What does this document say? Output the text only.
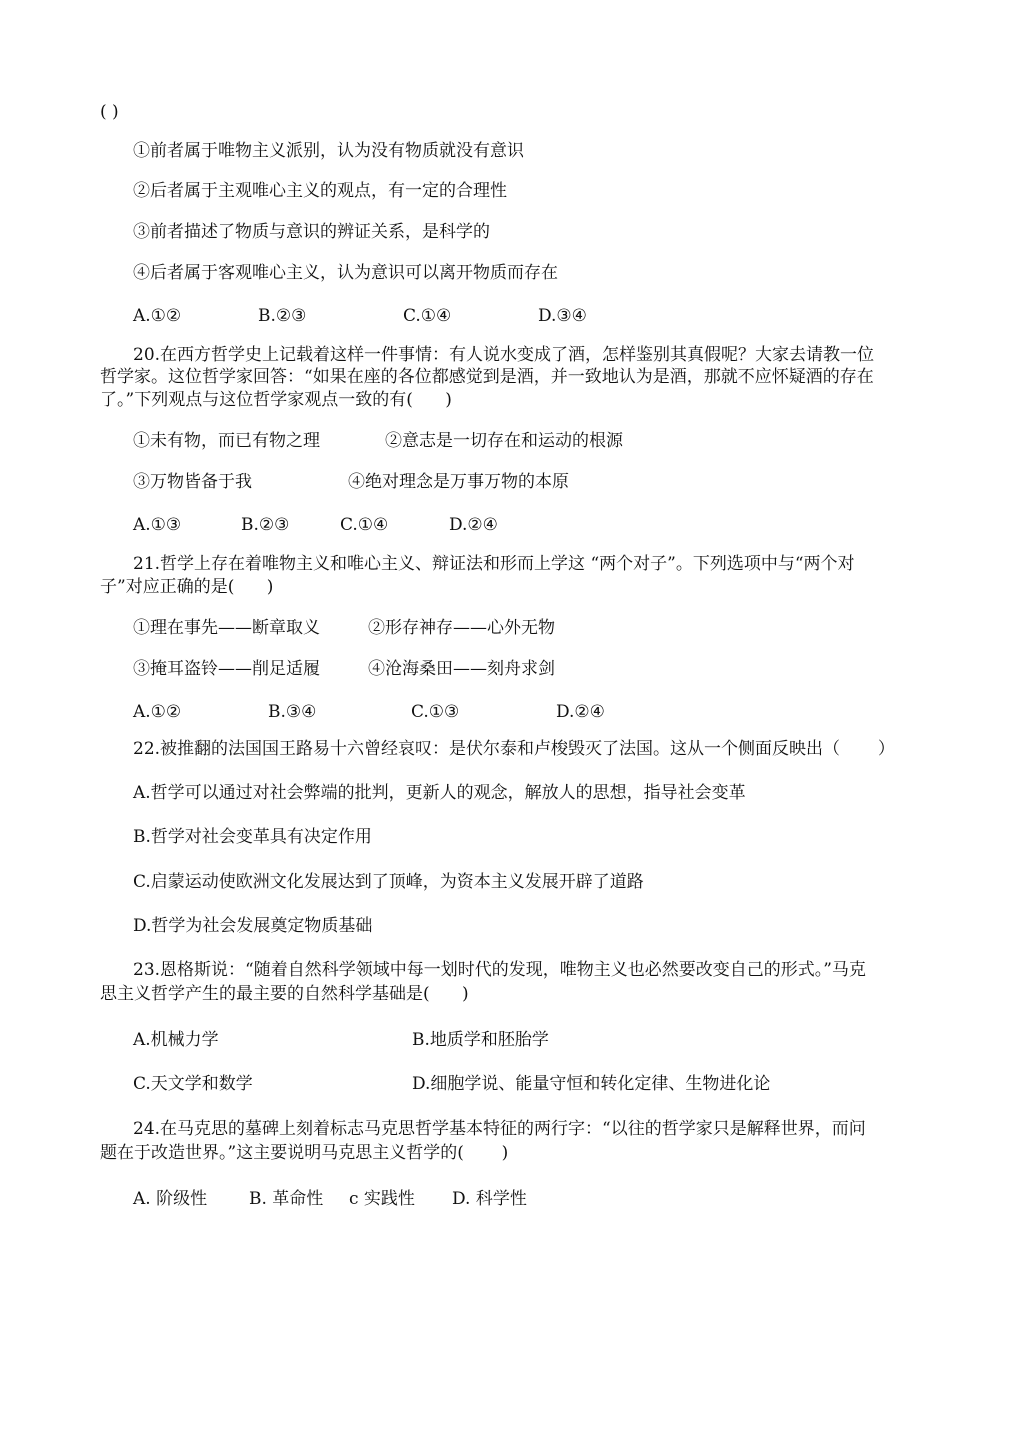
( )
①前者属于唯物主义派别，认为没有物质就没有意识
②后者属于主观唯心主义的观点，有一定的合理性
③前者描述了物质与意识的辨证关系，是科学的
④后者属于客观唯心主义，认为意识可以离开物质而存在
A.①②	B.②③	C.①④	D.③④
20.在西方哲学史上记载着这样一件事情：有人说水变成了酒，怎样鉴别其真假呢？大家去请教一位
哲学家。这位哲学家回答：“如果在座的各位都感觉到是酒，并一致地认为是酒，那就不应怀疑酒的存在
了。”下列观点与这位哲学家观点一致的有(      )
①未有物，而已有物之理	②意志是一切存在和运动的根源
③万物皆备于我	④绝对理念是万事万物的本原
A.①③	B.②③	C.①④	D.②④
21.哲学上存在着唯物主义和唯心主义、辩证法和形而上学这 “两个对子”。下列选项中与“两个对
子”对应正确的是(      )
①理在事先——断章取义	②形存神存——心外无物
③掩耳盗铃——削足适履	④沧海桑田——刻舟求剑
A.①②	B.③④	C.①③	D.②④
22.被推翻的法国国王路易十六曾经哀叹：是伏尔泰和卢梭毁灭了法国。这从一个侧面反映出（       ）
A.哲学可以通过对社会弊端的批判，更新人的观念，解放人的思想，指导社会变革
B.哲学对社会变革具有决定作用
C.启蒙运动使欧洲文化发展达到了顶峰，为资本主义发展开辟了道路
D.哲学为社会发展奠定物质基础
23.恩格斯说：“随着自然科学领域中每一划时代的发现，唯物主义也必然要改变自己的形式。”马克
思主义哲学产生的最主要的自然科学基础是(      )
A.机械力学	B.地质学和胚胎学
C.天文学和数学	D.细胞学说、能量守恒和转化定律、生物进化论
24.在马克思的墓碑上刻着标志马克思哲学基本特征的两行字：“以往的哲学家只是解释世界，而问
题在于改造世界。”这主要说明马克思主义哲学的(       )
A. 阶级性 B. 革命性 c 实践性 D. 科学性
